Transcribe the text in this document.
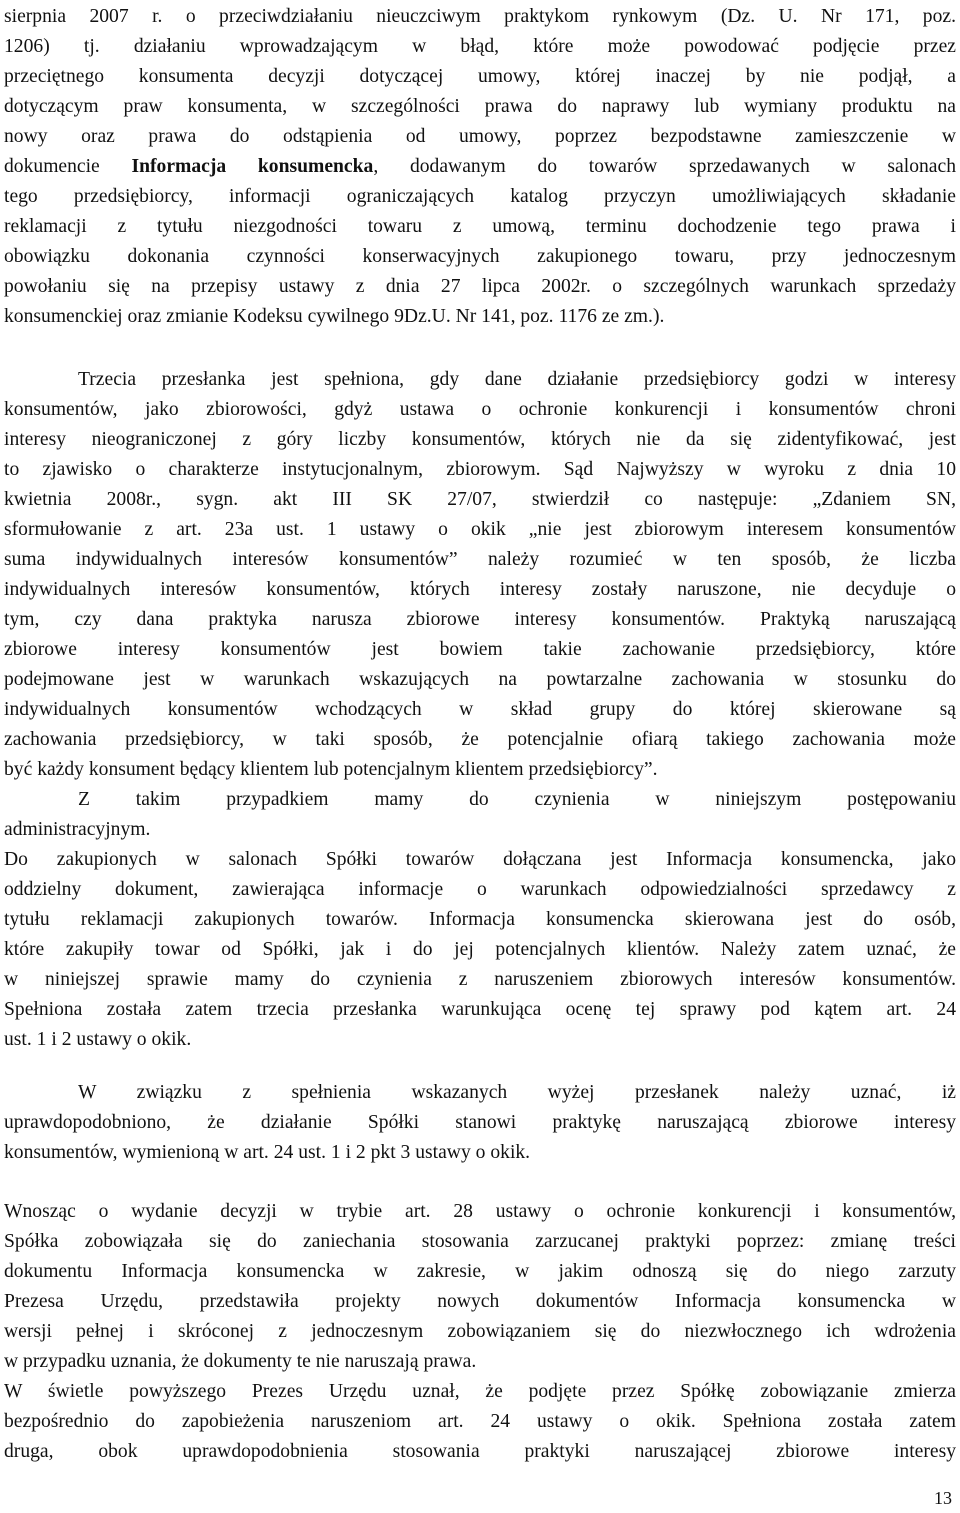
sierpnia 2007 r. o przeciwdziałaniu nieuczciwym praktykom rynkowym (Dz. U. Nr 171, poz.
1206) tj. działaniu wprowadzającym w błąd, które może powodować podjęcie przez
przeciętnego konsumenta decyzji dotyczącej umowy, której inaczej by nie podjął, a
dotyczącym praw konsumenta, w szczególności prawa do naprawy lub wymiany produktu na
nowy oraz prawa do odstąpienia od umowy, poprzez bezpodstawne zamieszczenie w
dokumencie Informacja konsumencka, dodawanym do towarów sprzedawanych w salonach
tego przedsiębiorcy, informacji ograniczających katalog przyczyn umożliwiających składanie
reklamacji z tytułu niezgodności towaru z umową, terminu dochodzenie tego prawa i
obowiązku dokonania czynności konserwacyjnych zakupionego towaru, przy jednoczesnym
powołaniu się na przepisy ustawy z dnia 27 lipca 2002r. o szczególnych warunkach sprzedaży
konsumenckiej oraz zmianie Kodeksu cywilnego 9Dz.U. Nr 141, poz. 1176 ze zm.).
Trzecia przesłanka jest spełniona, gdy dane działanie przedsiębiorcy godzi w interesy
konsumentów, jako zbiorowości, gdyż ustawa o ochronie konkurencji i konsumentów chroni
interesy nieograniczonej z góry liczby konsumentów, których nie da się zidentyfikować, jest
to zjawisko o charakterze instytucjonalnym, zbiorowym. Sąd Najwyższy w wyroku z dnia 10
kwietnia 2008r., sygn. akt III SK 27/07, stwierdził co następuje: „Zdaniem SN,
sformułowanie z art. 23a ust. 1 ustawy o okik „nie jest zbiorowym interesem konsumentów
suma indywidualnych interesów konsumentów” należy rozumieć w ten sposób, że liczba
indywidualnych interesów konsumentów, których interesy zostały naruszone, nie decyduje o
tym, czy dana praktyka narusza zbiorowe interesy konsumentów. Praktyką naruszającą
zbiorowe interesy konsumentów jest bowiem takie zachowanie przedsiębiorcy, które
podejmowane jest w warunkach wskazujących na powtarzalne zachowania w stosunku do
indywidualnych konsumentów wchodzących w skład grupy do której skierowane są
zachowania przedsiębiorcy, w taki sposób, że potencjalnie ofiarą takiego zachowania może
być każdy konsument będący klientem lub potencjalnym klientem przedsiębiorcy”.
Z takim przypadkiem mamy do czynienia w niniejszym postępowaniu
administracyjnym.
Do zakupionych w salonach Spółki towarów dołączana jest Informacja konsumencka, jako
oddzielny dokument, zawierająca informacje o warunkach odpowiedzialności sprzedawcy z
tytułu reklamacji zakupionych towarów. Informacja konsumencka skierowana jest do osób,
które zakupiły towar od Spółki, jak i do jej potencjalnych klientów. Należy zatem uznać, że
w niniejszej sprawie mamy do czynienia z naruszeniem zbiorowych interesów konsumentów.
Spełniona została zatem trzecia przesłanka warunkująca ocenę tej sprawy pod kątem art. 24
ust. 1 i 2 ustawy o okik.
W związku z spełnienia wskazanych wyżej przesłanek należy uznać, iż
uprawdopodobniono, że działanie Spółki stanowi praktykę naruszającą zbiorowe interesy
konsumentów, wymienioną w art. 24 ust. 1 i 2 pkt 3 ustawy o okik.
Wnosząc o wydanie decyzji w trybie art. 28 ustawy o ochronie konkurencji i konsumentów,
Spółka zobowiązała się do zaniechania stosowania zarzucanej praktyki poprzez: zmianę treści
dokumentu Informacja konsumencka w zakresie, w jakim odnoszą się do niego zarzuty
Prezesa Urzędu, przedstawiła projekty nowych dokumentów Informacja konsumencka w
wersji pełnej i skróconej z jednoczesnym zobowiązaniem się do niezwłocznego ich wdrożenia
w przypadku uznania, że dokumenty te nie naruszają prawa.
W świetle powyższego Prezes Urzędu uznał, że podjęte przez Spółkę zobowiązanie zmierza
bezpośrednio do zapobieżenia naruszeniom art. 24 ustawy o okik. Spełniona została zatem
druga, obok uprawdopodobnienia stosowania praktyki naruszającej zbiorowe interesy
13
